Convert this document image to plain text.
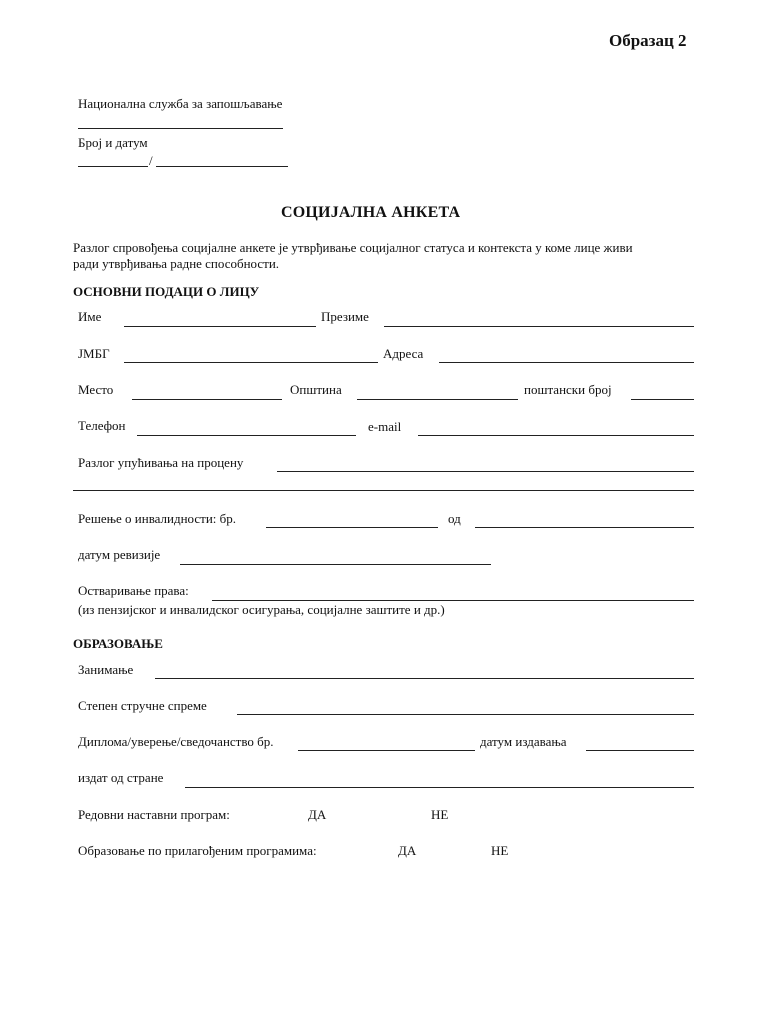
Образац 2
Национална служба за запошљавање
Број и датум
/
СОЦИЈАЛНА АНКЕТА
Разлог спровођења социјалне анкете је утврђивање социјалног статуса и контекста у коме лице живи
ради утврђивања радне способности.
ОСНОВНИ ПОДАЦИ О ЛИЦУ
Име	Презиме
ЈМБГ	Адреса
Место	Општина	поштански број
Телефон	e-mail
Разлог упућивања на процену
Решење о инвалидности: бр.	од
датум ревизије
Остваривање права:
(из пензијског и инвалидског осигурања, социјалне заштите и др.)
ОБРАЗОВАЊЕ
Занимање
Степен стручне спреме
Диплома/уверење/сведочанство бр.	датум издавања
издат од стране
Редовни наставни програм:	ДА	НЕ
Образовање по прилагођеним програмима:	ДА	НЕ
